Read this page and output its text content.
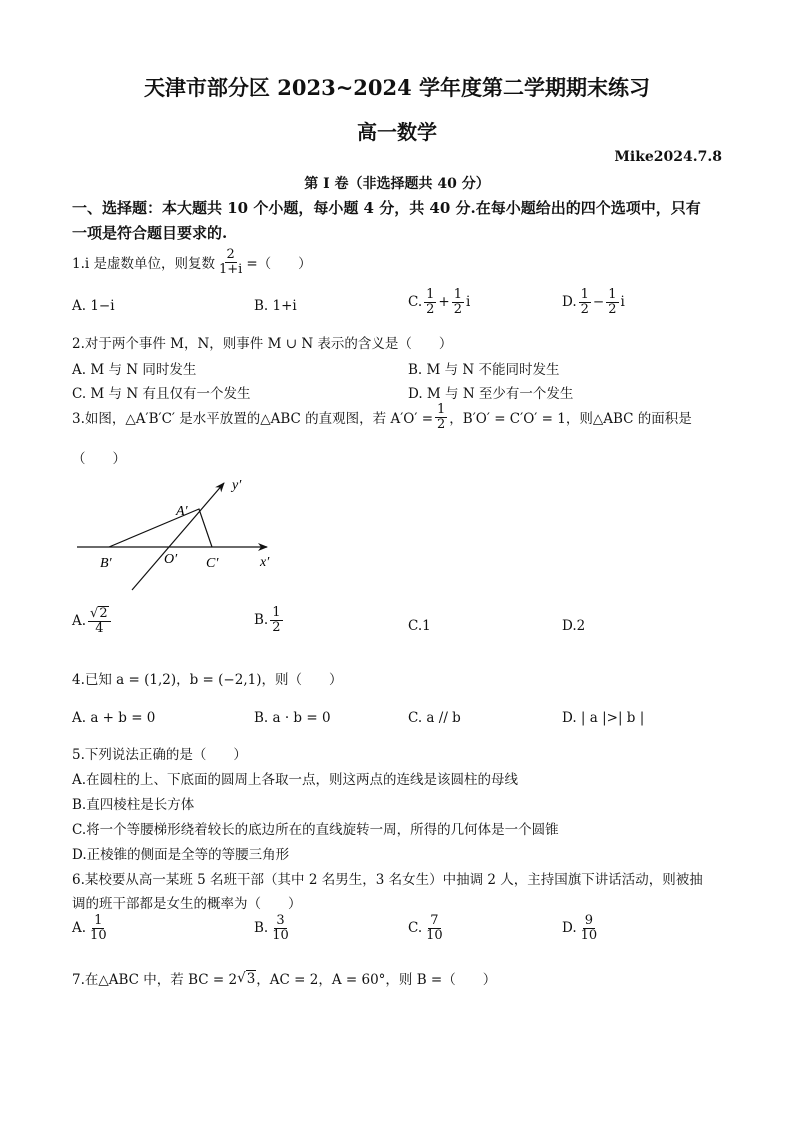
天津市部分区 2023~2024 学年度第二学期期末练习
高一数学
Mike2024.7.8
第 I 卷（非选择题共 40 分）
一、选择题：本大题共 10 个小题，每小题 4 分，共 40 分.在每小题给出的四个选项中，只有
一项是符合题目要求的.
1.i 是虚数单位，则复数 $\frac{2}{1+i}$ =（　　）
A. 1−i	B. 1+i	C. $\frac{1}{2} + \frac{1}{2}$ i	D. $\frac{1}{2} - \frac{1}{2}$ i
2.对于两个事件 M，N，则事件 M ∪ N 表示的含义是（　　）
A. M 与 N 同时发生	B. M 与 N 不能同时发生
C. M 与 N 有且仅有一个发生	D. M 与 N 至少有一个发生
3.如图，△A′B′C′ 是水平放置的△ABC 的直观图，若 $A'O' = \frac{1}{2}$ ，B′O′ = C′O′ = 1，则△ABC 的面积是
（　　）
y′
x′
A′
B′	O′ C′
A. $\frac{√ 2}{4}$	B. $\frac{1}{2}$	C.1	D.2
4.已知 a = (1,2)，b = (−2,1)，则（　　）
A. a + b = 0	B. a · b = 0	C. a // b	D. | a |>| b |
5.下列说法正确的是（　　）
A.在圆柱的上、下底面的圆周上各取一点，则这两点的连线是该圆柱的母线
B.直四棱柱是长方体
C.将一个等腰梯形绕着较长的底边所在的直线旋转一周，所得的几何体是一个圆锥
D.正棱锥的侧面是全等的等腰三角形
6.某校要从高一某班 5 名班干部（其中 2 名男生，3 名女生）中抽调 2 人，主持国旗下讲话活动，则被抽
调的班干部都是女生的概率为（　　）
A. $\frac{1}{10}$	B. $\frac{3}{10}$	C. $\frac{7}{10}$	D. $\frac{9}{10}$
7.在△ABC 中，若 BC = 2 √ 3 ，AC = 2，A = 60°，则 B =（　　）
